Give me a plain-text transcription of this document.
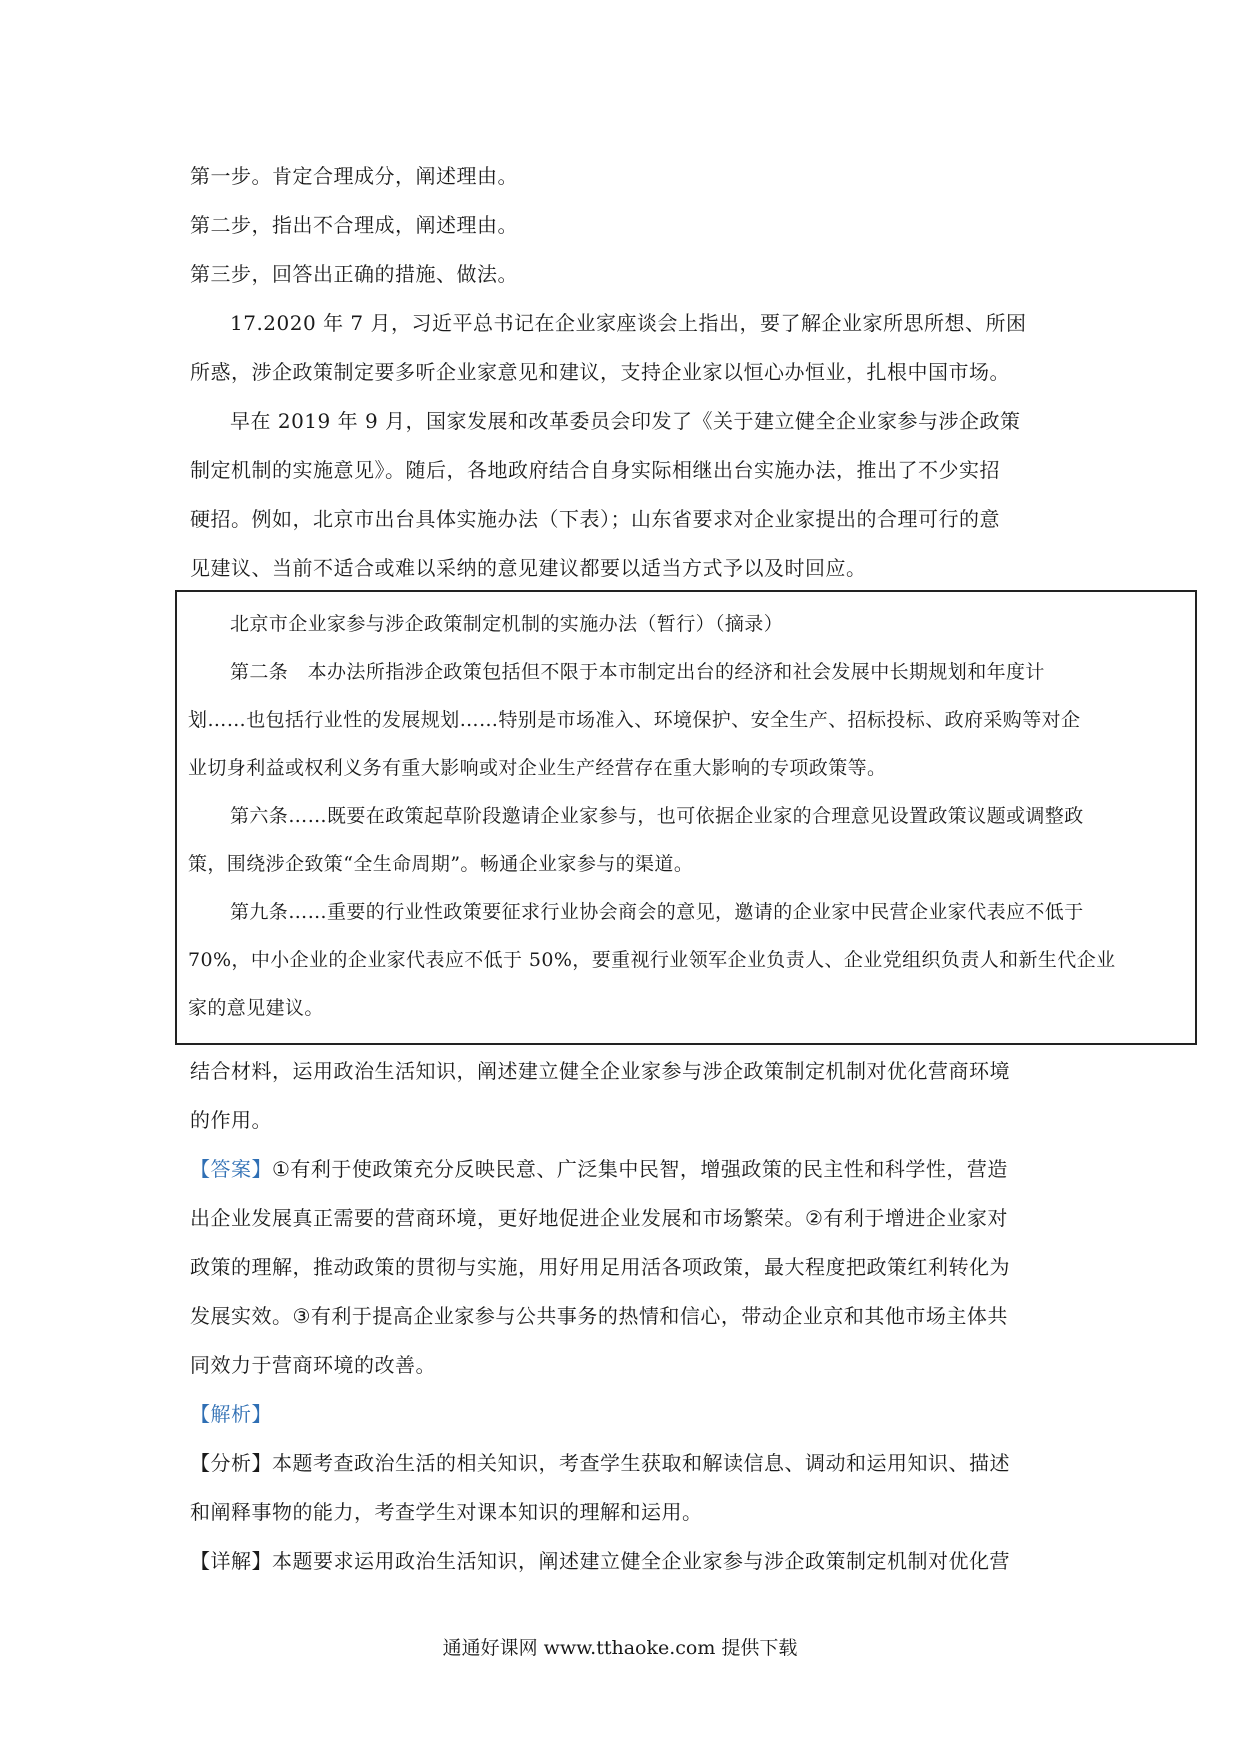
第一步。肯定合理成分，阐述理由。
第二步，指出不合理成，阐述理由。
第三步，回答出正确的措施、做法。
17.2020 年 7 月，习近平总书记在企业家座谈会上指出，要了解企业家所思所想、所困
所惑，涉企政策制定要多听企业家意见和建议，支持企业家以恒心办恒业，扎根中国市场。
早在 2019 年 9 月，国家发展和改革委员会印发了《关于建立健全企业家参与涉企政策
制定机制的实施意见》。随后，各地政府结合自身实际相继出台实施办法，推出了不少实招
硬招。例如，北京市出台具体实施办法（下表）；山东省要求对企业家提出的合理可行的意
见建议、当前不适合或难以采纳的意见建议都要以适当方式予以及时回应。
北京市企业家参与涉企政策制定机制的实施办法（暂行）（摘录）
第二条　本办法所指涉企政策包括但不限于本市制定出台的经济和社会发展中长期规划和年度计
划……也包括行业性的发展规划……特别是市场准入、环境保护、安全生产、招标投标、政府采购等对企
业切身利益或权利义务有重大影响或对企业生产经营存在重大影响的专项政策等。
第六条……既要在政策起草阶段邀请企业家参与，也可依据企业家的合理意见设置政策议题或调整政
策，围绕涉企致策“全生命周期”。畅通企业家参与的渠道。
第九条……重要的行业性政策要征求行业协会商会的意见，邀请的企业家中民营企业家代表应不低于
70%，中小企业的企业家代表应不低于 50%，要重视行业领军企业负责人、企业党组织负责人和新生代企业
家的意见建议。
结合材料，运用政治生活知识，阐述建立健全企业家参与涉企政策制定机制对优化营商环境
的作用。
【答案】①有利于使政策充分反映民意、广泛集中民智，增强政策的民主性和科学性，营造
出企业发展真正需要的营商环境，更好地促进企业发展和市场繁荣。②有利于增进企业家对
政策的理解，推动政策的贯彻与实施，用好用足用活各项政策，最大程度把政策红利转化为
发展实效。③有利于提高企业家参与公共事务的热情和信心，带动企业京和其他市场主体共
同效力于营商环境的改善。
【解析】
【分析】本题考查政治生活的相关知识，考查学生获取和解读信息、调动和运用知识、描述
和阐释事物的能力，考查学生对课本知识的理解和运用。
【详解】本题要求运用政治生活知识，阐述建立健全企业家参与涉企政策制定机制对优化营
通通好课网 www.tthaoke.com 提供下载
